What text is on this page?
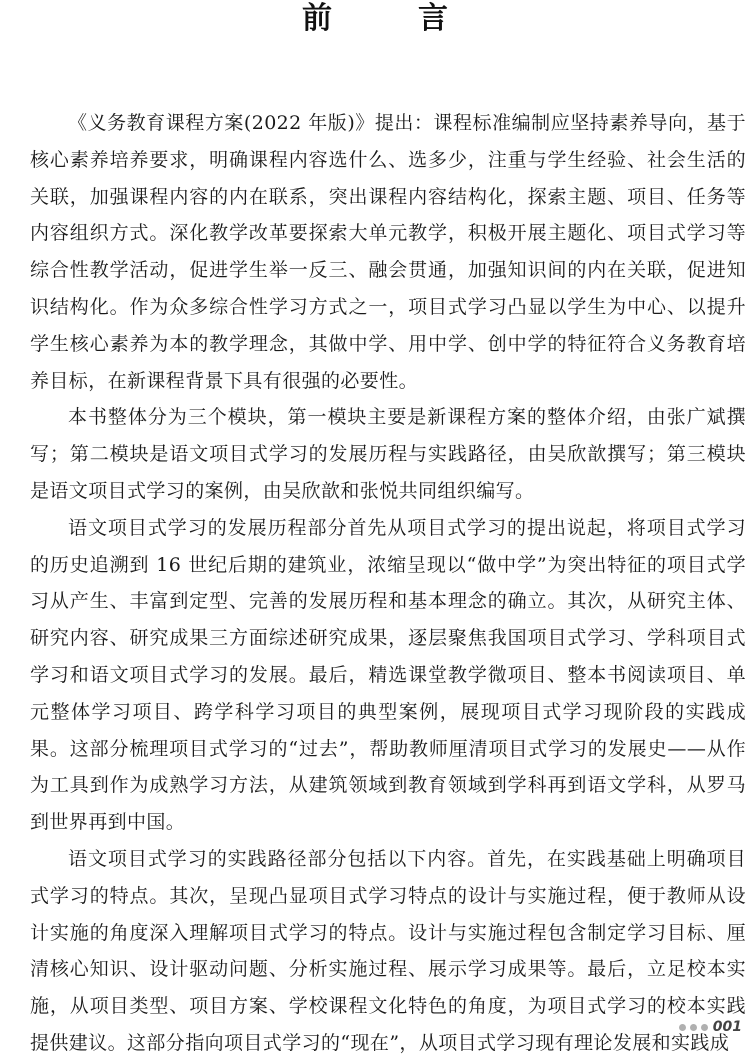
前　言

《义务教育课程方案(2022 年版)》提出：课程标准编制应坚持素养导向，基于核心素养培养要求，明确课程内容选什么、选多少，注重与学生经验、社会生活的关联，加强课程内容的内在联系，突出课程内容结构化，探索主题、项目、任务等内容组织方式。深化教学改革要探索大单元教学，积极开展主题化、项目式学习等综合性教学活动，促进学生举一反三、融会贯通，加强知识间的内在关联，促进知识结构化。作为众多综合性学习方式之一，项目式学习凸显以学生为中心、以提升学生核心素养为本的教学理念，其做中学、用中学、创中学的特征符合义务教育培养目标，在新课程背景下具有很强的必要性。

本书整体分为三个模块，第一模块主要是新课程方案的整体介绍，由张广斌撰写；第二模块是语文项目式学习的发展历程与实践路径，由吴欣歆撰写；第三模块是语文项目式学习的案例，由吴欣歆和张悦共同组织编写。

语文项目式学习的发展历程部分首先从项目式学习的提出说起，将项目式学习的历史追溯到 16 世纪后期的建筑业，浓缩呈现以“做中学”为突出特征的项目式学习从产生、丰富到定型、完善的发展历程和基本理念的确立。其次，从研究主体、研究内容、研究成果三方面综述研究成果，逐层聚焦我国项目式学习、学科项目式学习和语文项目式学习的发展。最后，精选课堂教学微项目、整本书阅读项目、单元整体学习项目、跨学科学习项目的典型案例，展现项目式学习现阶段的实践成果。这部分梳理项目式学习的“过去”，帮助教师厘清项目式学习的发展史——从作为工具到作为成熟学习方法，从建筑领域到教育领域到学科再到语文学科，从罗马到世界再到中国。

语文项目式学习的实践路径部分包括以下内容。首先，在实践基础上明确项目式学习的特点。其次，呈现凸显项目式学习特点的设计与实施过程，便于教师从设计实施的角度深入理解项目式学习的特点。设计与实施过程包含制定学习目标、厘清核心知识、设计驱动问题、分析实施过程、展示学习成果等。最后，立足校本实施，从项目类型、项目方案、学校课程文化特色的角度，为项目式学习的校本实践提供建议。这部分指向项目式学习的“现在”，从项目式学习现有理论发展和实践成

001
